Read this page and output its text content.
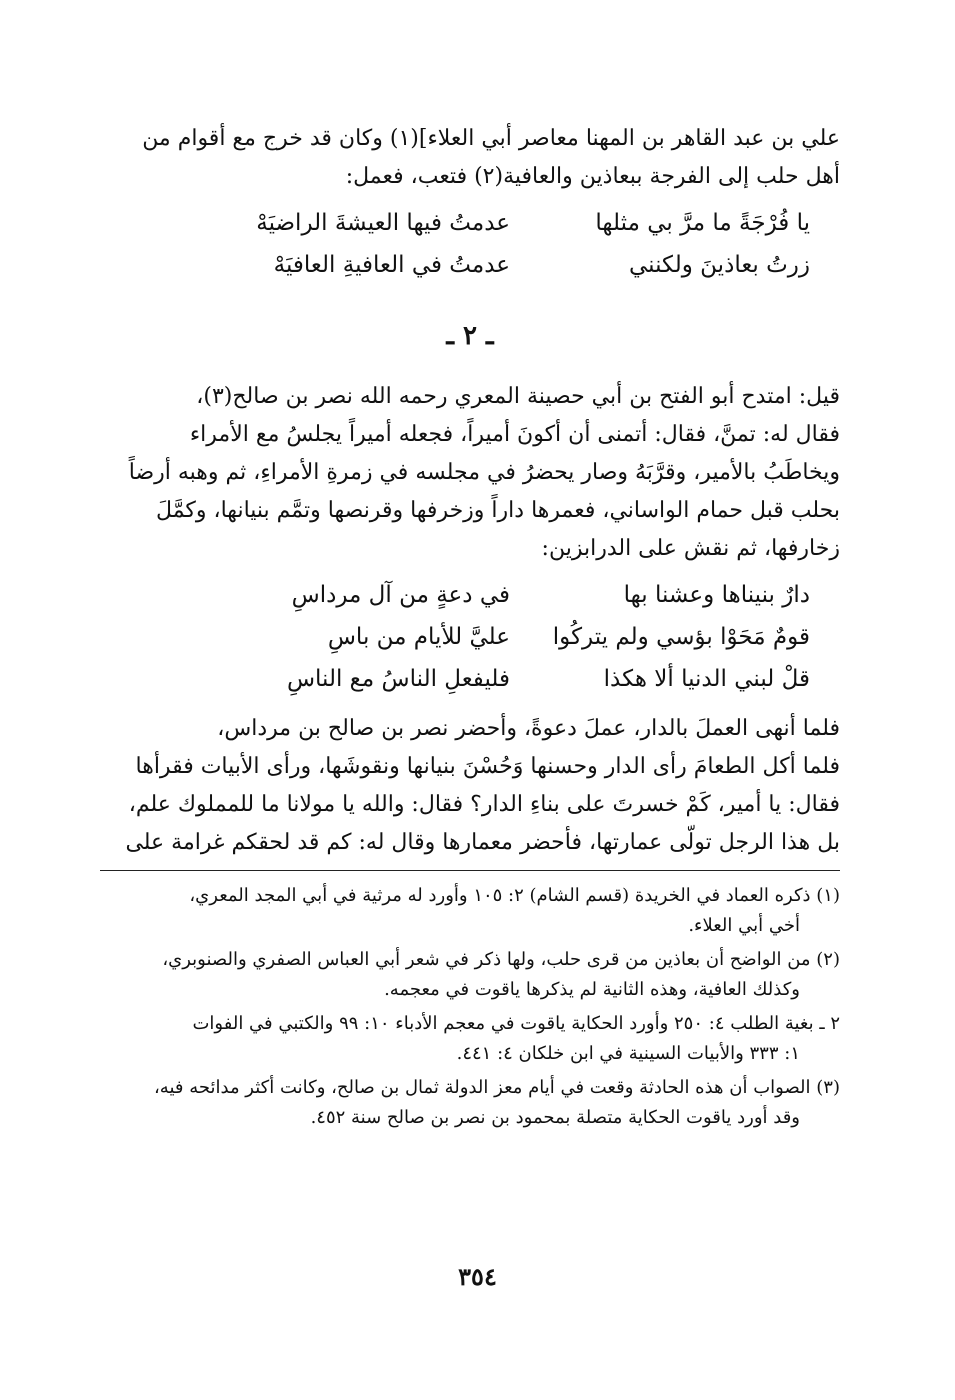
علي بن عبد القاهر بن المهنا معاصر أبي العلاء](١) وكان قد خرج مع أقوام من
أهل حلب إلى الفرجة ببعاذين والعافية(٢) فتعب، فعمل:
يا فُرْجَةً ما مرَّ بي مثلها
عدمتُ فيها العيشةَ الراضيَهْ
زرتُ بعاذينَ ولكنني
عدمتُ في العافيةِ العافيَهْ
ـ ٢ ـ
قيل: امتدح أبو الفتح بن أبي حصينة المعري رحمه الله نصر بن صالح(٣)،
فقال له: تمنَّ، فقال: أتمنى أن أكونَ أميراً، فجعله أميراً يجلسُ مع الأمراء
ويخاطَبُ بالأمير، وقرَّبَهُ وصار يحضرُ في مجلسه في زمرةِ الأمراءِ، ثم وهبه أرضاً
بحلب قبل حمام الواساني، فعمرها داراً وزخرفها وقرنصها وتمَّم بنيانها، وكمَّلَ
زخارفها، ثم نقش على الدرابزين:
دارٌ بنيناها وعشنا بها
في دعةٍ من آل مرداسِ
قومٌ مَحَوْا بؤسي ولم يتركُوا
عليَّ للأيام من باسِ
قلْ لبني الدنيا ألا هكذا
فليفعلِ الناسُ مع الناسِ
فلما أنهى العملَ بالدار، عملَ دعوةً، وأحضر نصر بن صالح بن مرداس،
فلما أكل الطعامَ رأى الدار وحسنها وَحُسْنَ بنيانها ونقوشَها، ورأى الأبيات فقرأها
فقال: يا أمير، كَمْ خسرتَ على بناءِ الدار؟ فقال: والله يا مولانا ما للمملوك علم،
بل هذا الرجل تولّى عمارتها، فأحضر معمارها وقال له: كم قد لحقكم غرامة على
(١) ذكره العماد في الخريدة (قسم الشام) ٢: ١٠٥ وأورد له مرثية في أبي المجد المعري،
أخي أبي العلاء.
(٢) من الواضح أن بعاذين من قرى حلب، ولها ذكر في شعر أبي العباس الصفري والصنوبري،
وكذلك العافية، وهذه الثانية لم يذكرها ياقوت في معجمه.
٢ ـ بغية الطلب ٤: ٢٥٠ وأورد الحكاية ياقوت في معجم الأدباء ١٠: ٩٩ والكتبي في الفوات
١: ٣٣٣ والأبيات السينية في ابن خلكان ٤: ٤٤١.
(٣) الصواب أن هذه الحادثة وقعت في أيام معز الدولة ثمال بن صالح، وكانت أكثر مدائحه فيه،
وقد أورد ياقوت الحكاية متصلة بمحمود بن نصر بن صالح سنة ٤٥٢.
٣٥٤
